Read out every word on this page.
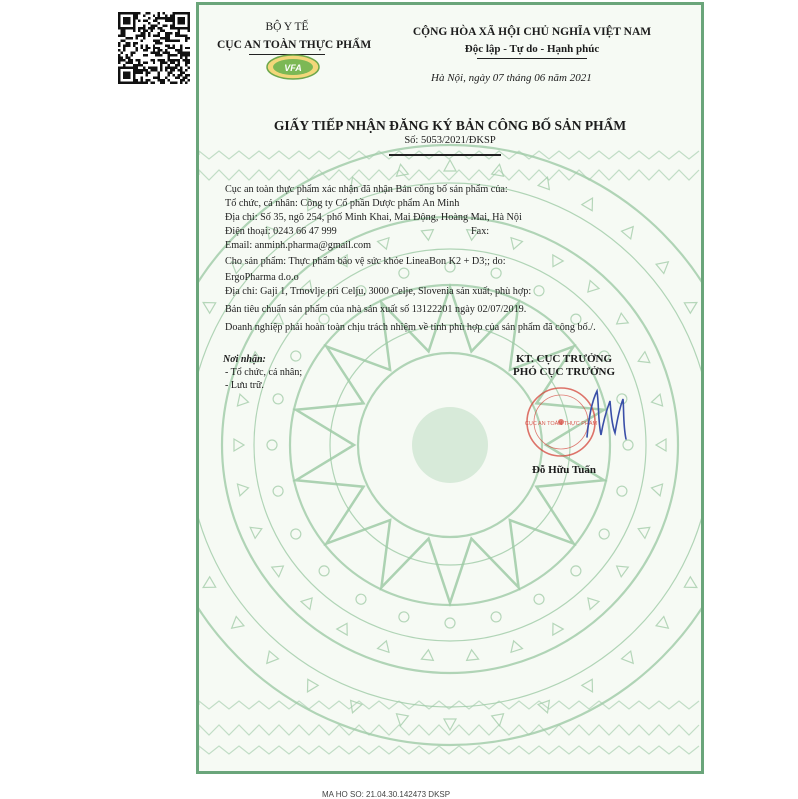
BỘ Y TẾ
CỤC AN TOÀN THỰC PHẨM
VFA
CỘNG HÒA XÃ HỘI CHỦ NGHĨA VIỆT NAM
Độc lập - Tự do - Hạnh phúc
Hà Nội, ngày 07 tháng 06 năm 2021
GIẤY TIẾP NHẬN ĐĂNG KÝ BẢN CÔNG BỐ SẢN PHẨM
Số: 5053/2021/ĐKSP
Cục an toàn thực phẩm xác nhận đã nhận Bản công bố sản phẩm của:
Tổ chức, cá nhân: Công ty Cổ phần Dược phẩm An Minh
Địa chỉ: Số 35, ngõ 254, phố Minh Khai, Mai Động, Hoàng Mai, Hà Nội
Điện thoại: 0243 66 47 999	Fax:
Email: anminh.pharma@gmail.com
Cho sản phẩm: Thực phẩm bảo vệ sức khỏe LineaBon K2 + D3;; do:
ErgoPharma d.o.o
Địa chỉ: Gaji 1, Trnovlje pri Celju, 3000 Celje, Slovenia sản xuất, phù hợp:
Bản tiêu chuẩn sản phẩm của nhà sản xuất số 13122201 ngày 02/07/2019.
Doanh nghiệp phải hoàn toàn chịu trách nhiệm về tính phù hợp của sản phẩm đã công bố./.
Nơi nhận:
- Tổ chức, cá nhân;
- Lưu trữ.
KT. CỤC TRƯỞNG
PHÓ CỤC TRƯỞNG
CỤC AN TOÀN THỰC PHẨM
Đỗ Hữu Tuấn
MA HO SO: 21.04.30.142473 DKSP
